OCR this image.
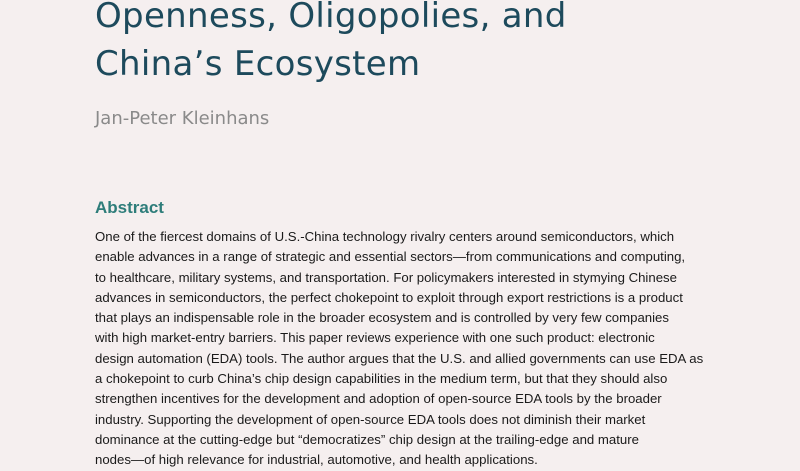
Openness, Oligopolies, and
China’s Ecosystem
Jan-Peter Kleinhans
Abstract

One of the fiercest domains of U.S.-China technology rivalry centers around semiconductors, which
enable advances in a range of strategic and essential sectors—from communications and computing,
to healthcare, military systems, and transportation. For policymakers interested in stymying Chinese
advances in semiconductors, the perfect chokepoint to exploit through export restrictions is a product
that plays an indispensable role in the broader ecosystem and is controlled by very few companies
with high market-entry barriers. This paper reviews experience with one such product: electronic
design automation (EDA) tools. The author argues that the U.S. and allied governments can use EDA as
a chokepoint to curb China’s chip design capabilities in the medium term, but that they should also
strengthen incentives for the development and adoption of open-source EDA tools by the broader
industry. Supporting the development of open-source EDA tools does not diminish their market
dominance at the cutting-edge but “democratizes” chip design at the trailing-edge and mature
nodes—of high relevance for industrial, automotive, and health applications.
